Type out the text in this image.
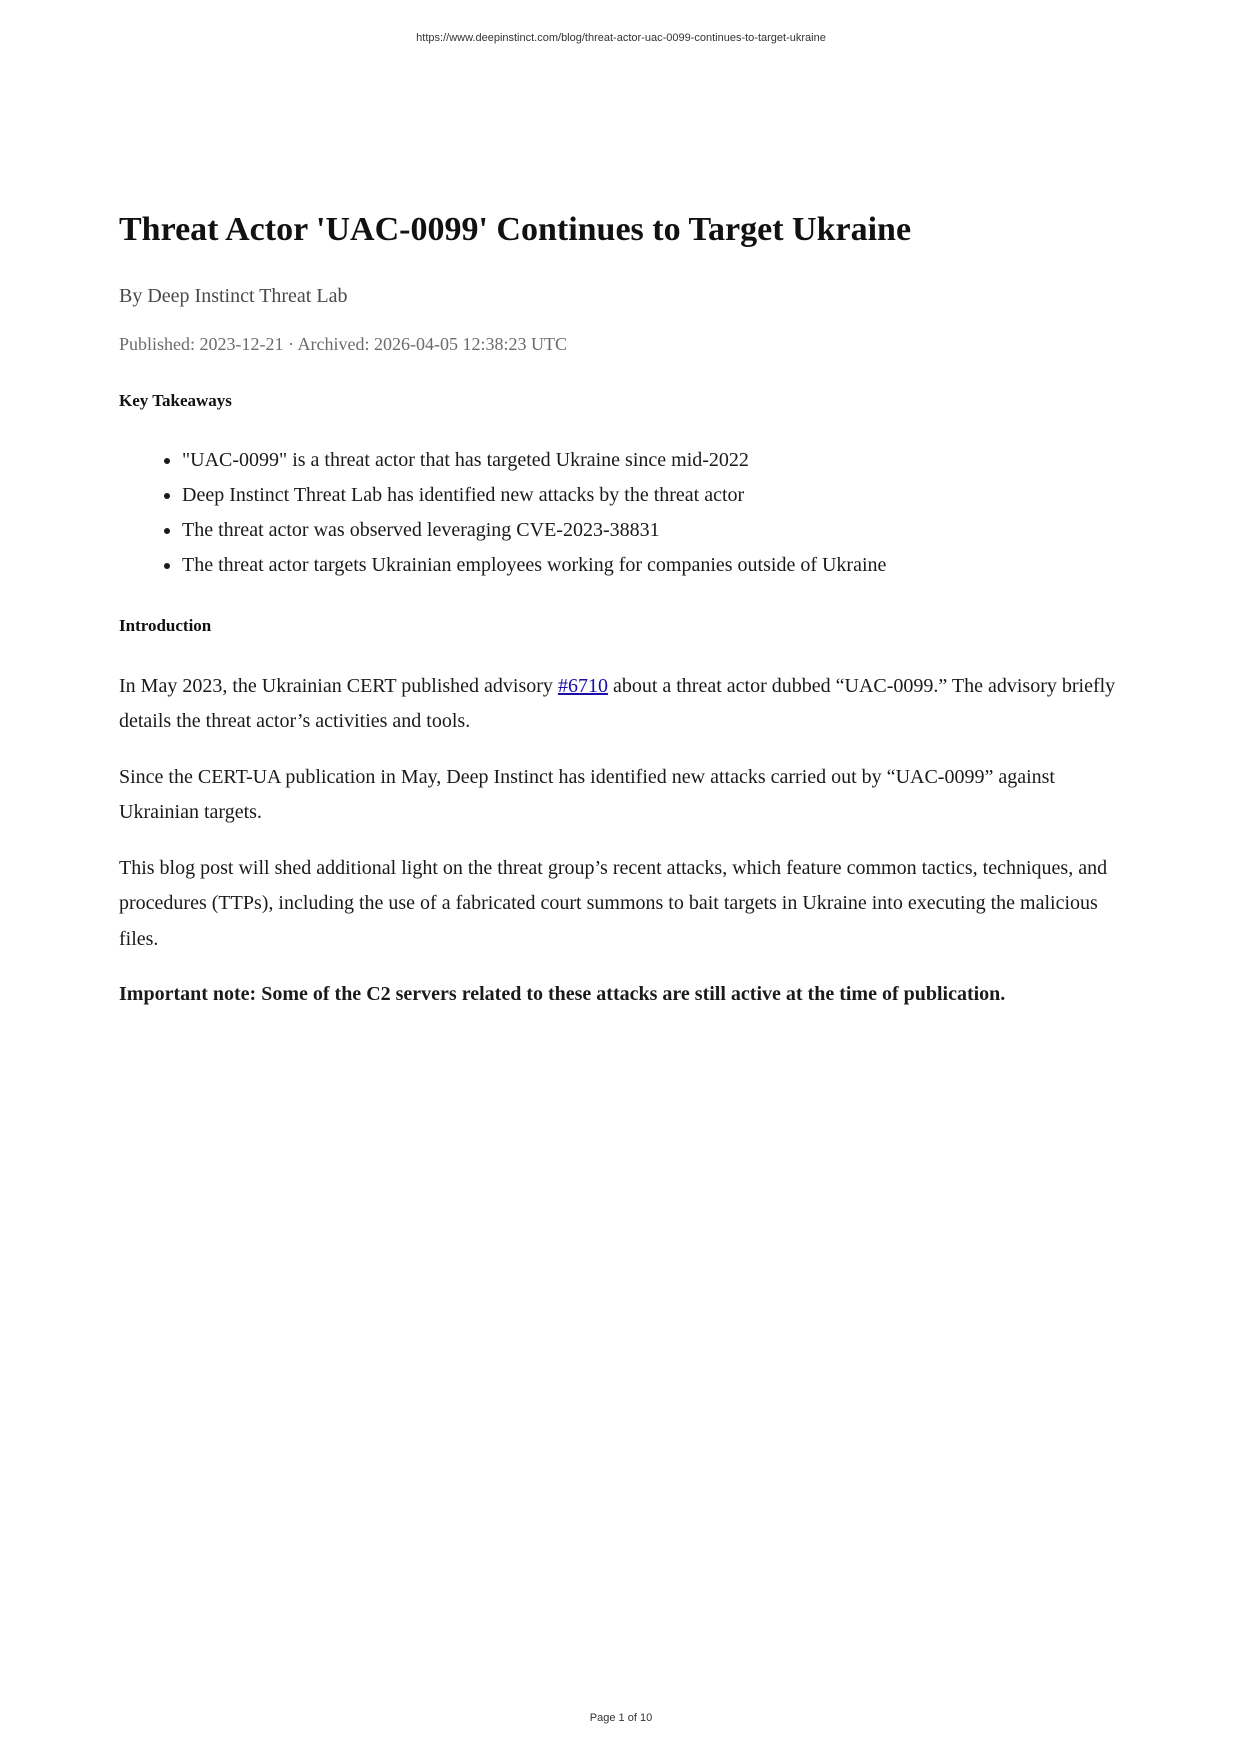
https://www.deepinstinct.com/blog/threat-actor-uac-0099-continues-to-target-ukraine
Threat Actor 'UAC-0099' Continues to Target Ukraine
By Deep Instinct Threat Lab
Published: 2023-12-21 · Archived: 2026-04-05 12:38:23 UTC
Key Takeaways
• "UAC-0099" is a threat actor that has targeted Ukraine since mid-2022
• Deep Instinct Threat Lab has identified new attacks by the threat actor
• The threat actor was observed leveraging CVE-2023-38831
• The threat actor targets Ukrainian employees working for companies outside of Ukraine
Introduction

In May 2023, the Ukrainian CERT published advisory #6710 about a threat actor dubbed “UAC-0099.” The advisory briefly details the threat actor’s activities and tools.

Since the CERT-UA publication in May, Deep Instinct has identified new attacks carried out by “UAC-0099” against Ukrainian targets.

This blog post will shed additional light on the threat group’s recent attacks, which feature common tactics, techniques, and procedures (TTPs), including the use of a fabricated court summons to bait targets in Ukraine into executing the malicious files.

Important note: Some of the C2 servers related to these attacks are still active at the time of publication.

Page 1 of 10
